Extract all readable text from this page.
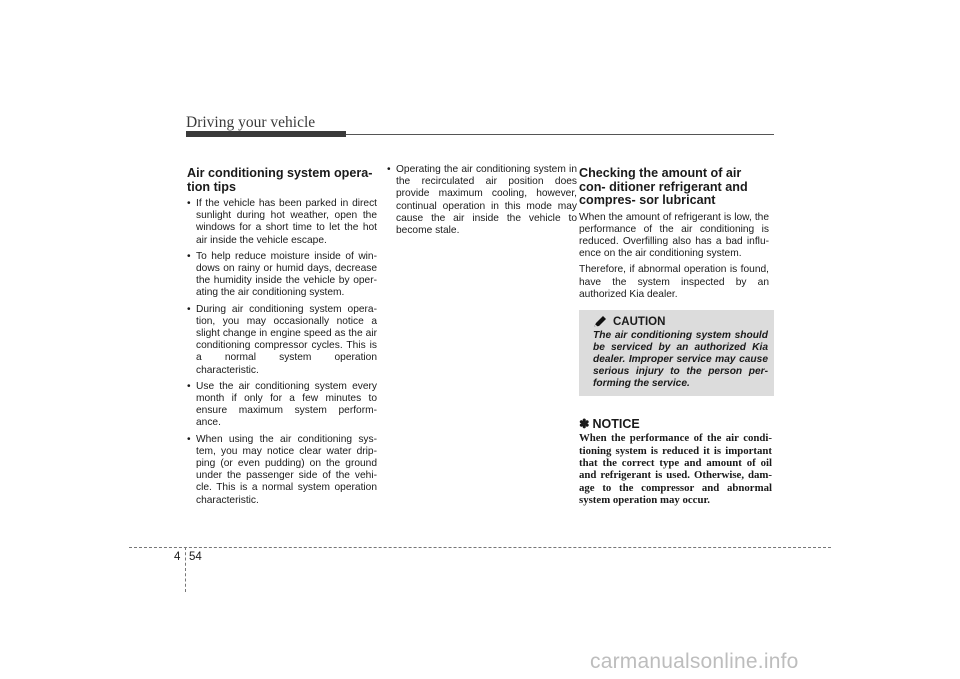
Driving your vehicle
Air conditioning system opera- tion tips
• If the vehicle has been parked in direct sunlight during hot weather, open the windows for a short time to let the hot air inside the vehicle escape.
• To help reduce moisture inside of win- dows on rainy or humid days, decrease the humidity inside the vehicle by oper- ating the air conditioning system.
• During air conditioning system opera- tion, you may occasionally notice a slight change in engine speed as the air conditioning compressor cycles. This is a normal system operation characteristic.
• Use the air conditioning system every month if only for a few minutes to ensure maximum system perform- ance.
• When using the air conditioning sys- tem, you may notice clear water drip- ping (or even pudding) on the ground under the passenger side of the vehi- cle. This is a normal system operation characteristic.
• Operating the air conditioning system in the recirculated air position does provide maximum cooling, however, continual operation in this mode may cause the air inside the vehicle to become stale.
Checking the amount of air con- ditioner refrigerant and compres- sor lubricant

When the amount of refrigerant is low, the performance of the air conditioning is reduced. Overfilling also has a bad influ- ence on the air conditioning system.

Therefore, if abnormal operation is found, have the system inspected by an authorized Kia dealer.

CAUTION
The air conditioning system should be serviced by an authorized Kia dealer. Improper service may cause serious injury to the person per- forming the service.
✽ NOTICE
When the performance of the air condi- tioning system is reduced it is important that the correct type and amount of oil and refrigerant is used. Otherwise, dam- age to the compressor and abnormal system operation may occur.
4 54
carmanualsonline.info
